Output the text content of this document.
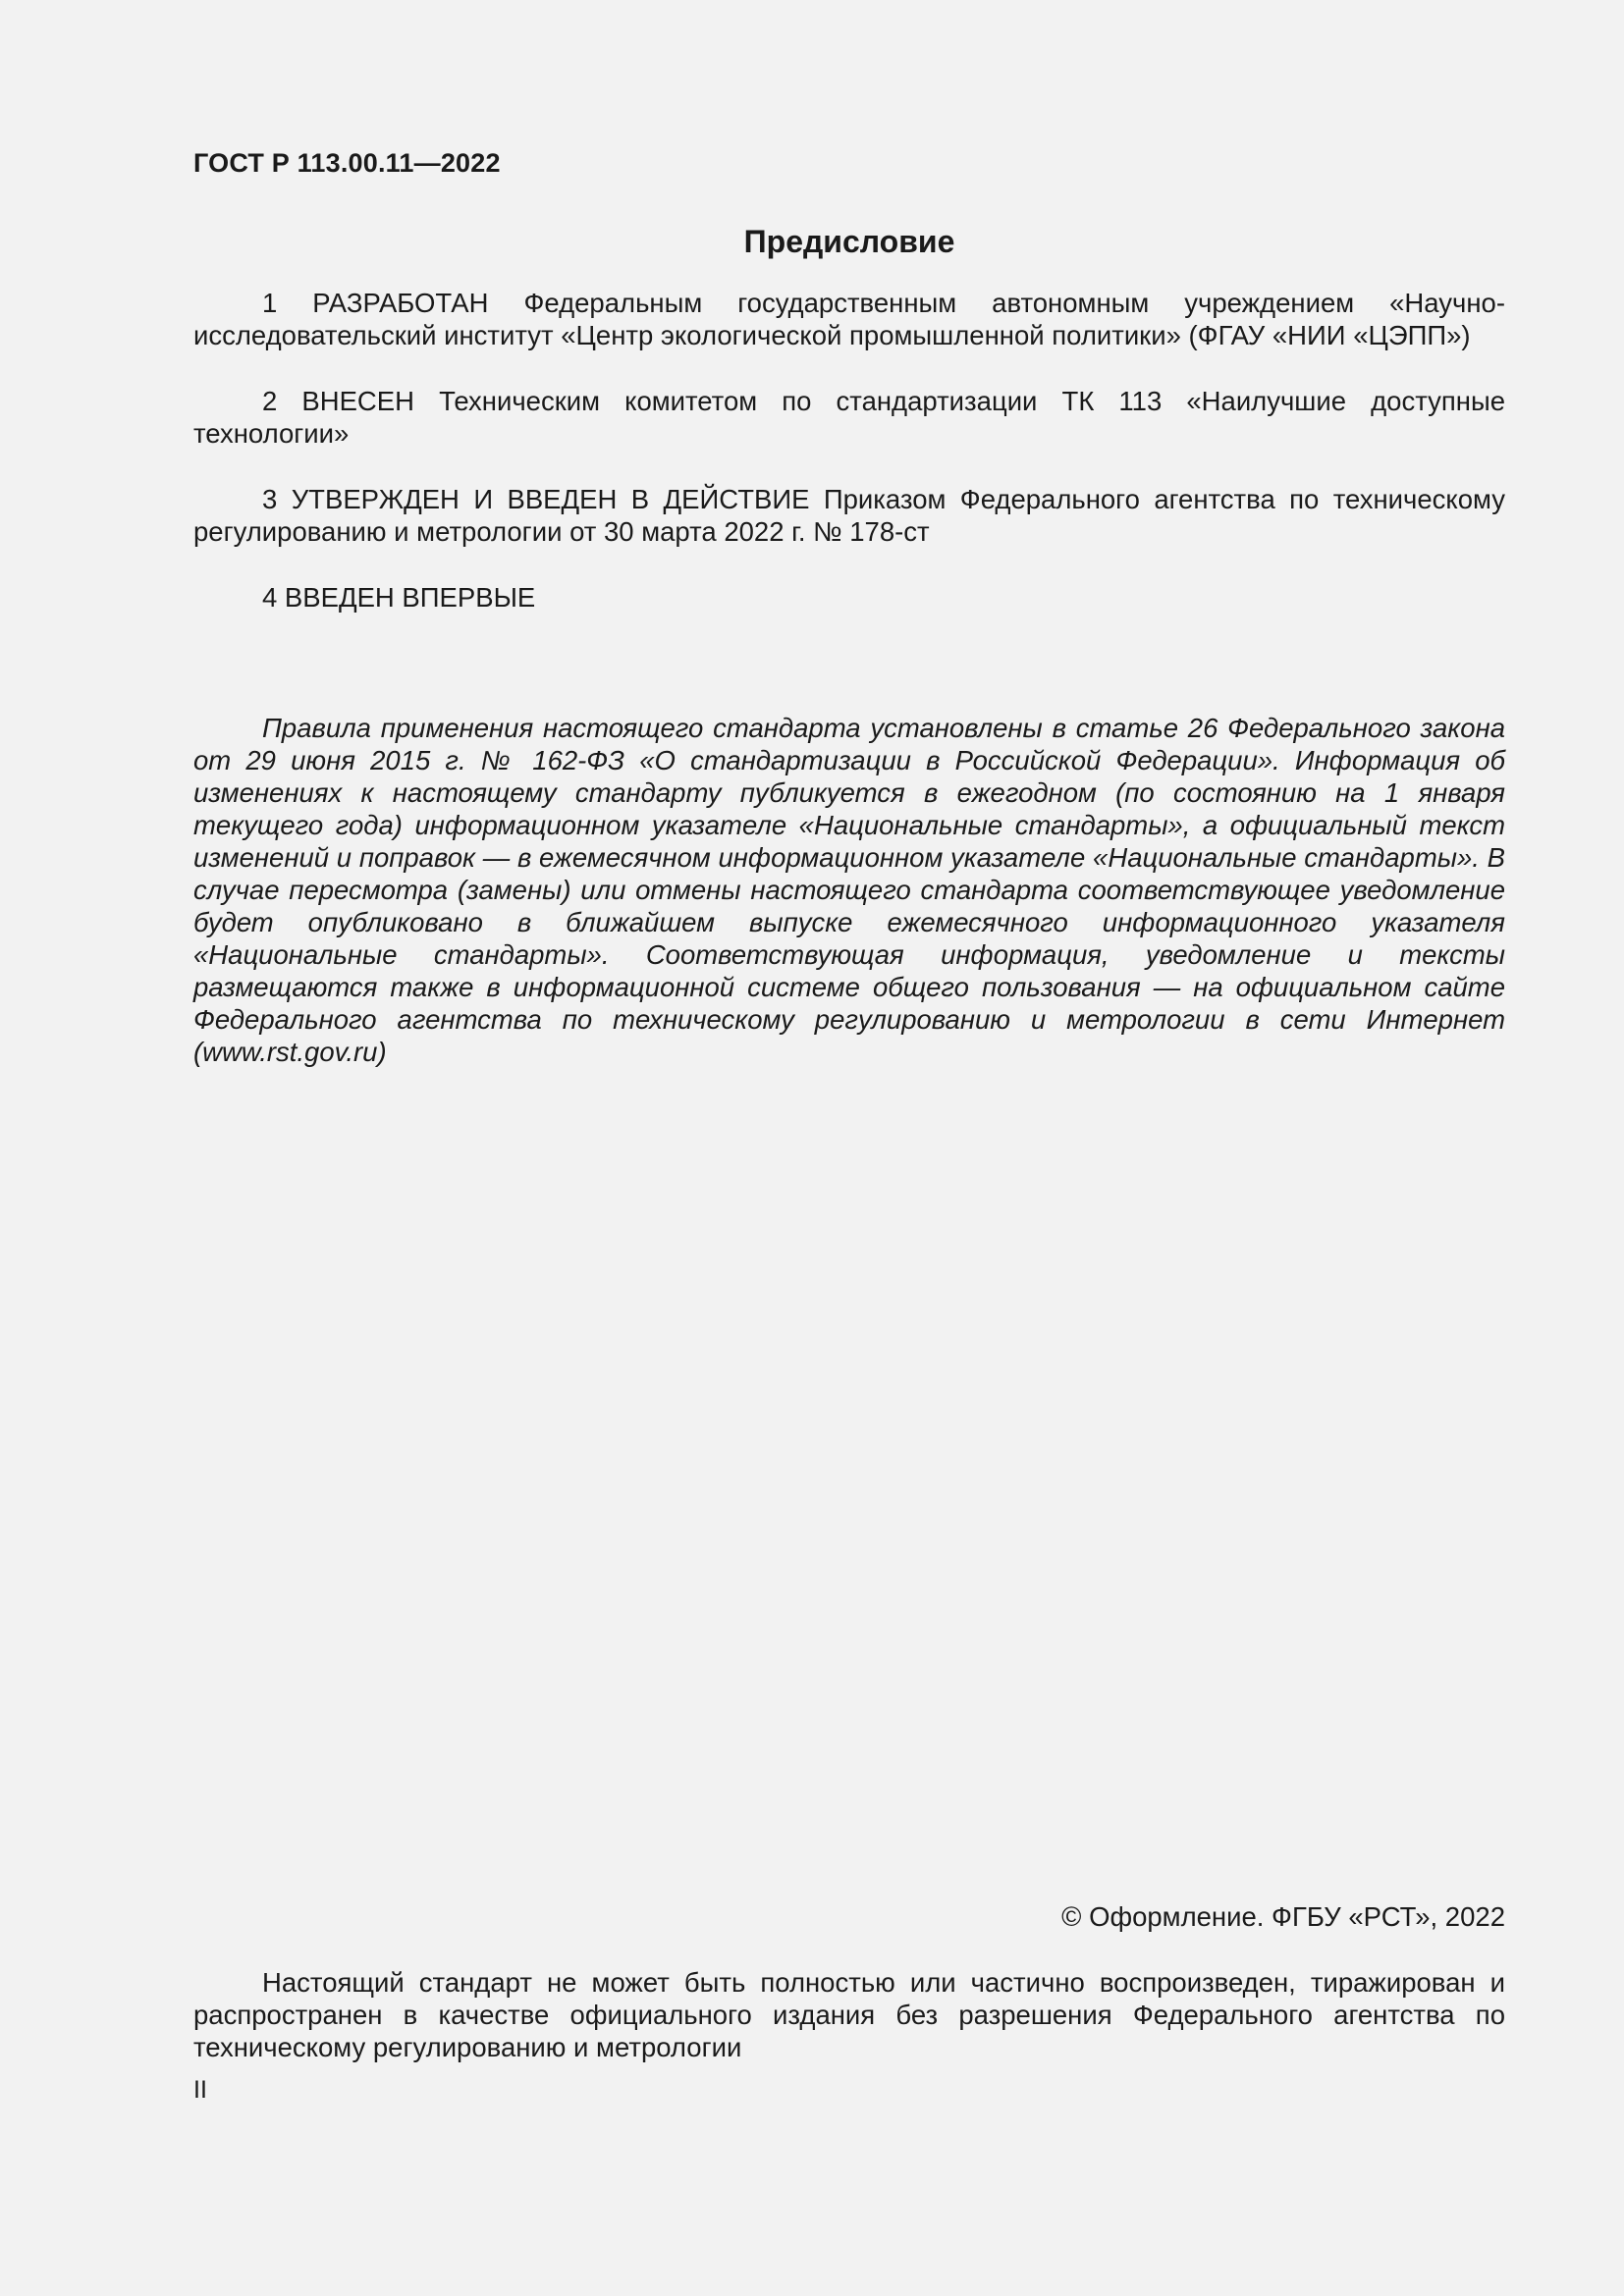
ГОСТ Р 113.00.11—2022
Предисловие

1 РАЗРАБОТАН Федеральным государственным автономным учреждением «Научно-исследовательский институт «Центр экологической промышленной политики» (ФГАУ «НИИ «ЦЭПП»)

2 ВНЕСЕН Техническим комитетом по стандартизации ТК 113 «Наилучшие доступные технологии»

3 УТВЕРЖДЕН И ВВЕДЕН В ДЕЙСТВИЕ Приказом Федерального агентства по техническому регулированию и метрологии от 30 марта 2022 г. № 178-ст

4 ВВЕДЕН ВПЕРВЫЕ

Правила применения настоящего стандарта установлены в статье 26 Федерального закона от 29 июня 2015 г. № 162-ФЗ «О стандартизации в Российской Федерации». Информация об изменениях к настоящему стандарту публикуется в ежегодном (по состоянию на 1 января текущего года) информационном указателе «Национальные стандарты», а официальный текст изменений и поправок — в ежемесячном информационном указателе «Национальные стандарты». В случае пересмотра (замены) или отмены настоящего стандарта соответствующее уведомление будет опубликовано в ближайшем выпуске ежемесячного информационного указателя «Национальные стандарты». Соответствующая информация, уведомление и тексты размещаются также в информационной системе общего пользования — на официальном сайте Федерального агентства по техническому регулированию и метрологии в сети Интернет (www.rst.gov.ru)

© Оформление. ФГБУ «РСТ», 2022

Настоящий стандарт не может быть полностью или частично воспроизведен, тиражирован и распространен в качестве официального издания без разрешения Федерального агентства по техническому регулированию и метрологии

II
